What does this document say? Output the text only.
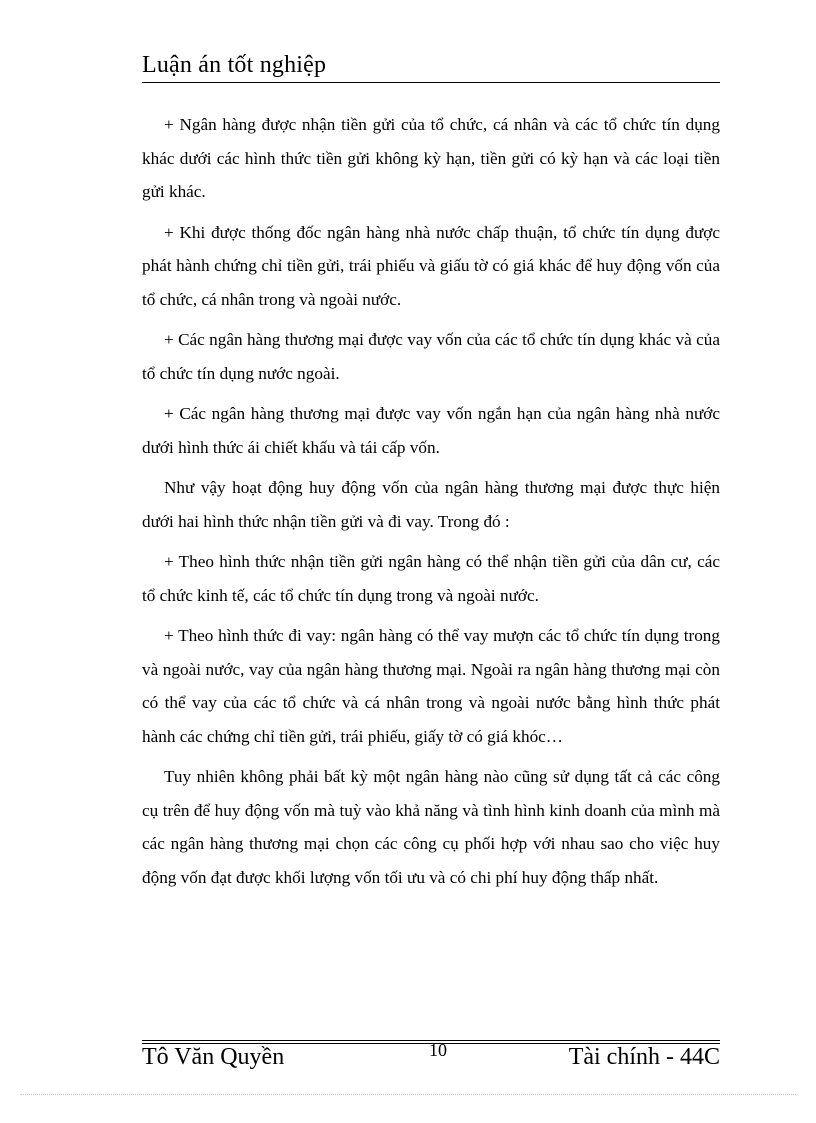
Luận án tốt nghiệp

+ Ngân hàng được nhận tiền gửi của tổ chức, cá nhân và các tổ chức tín dụng khác dưới các hình thức tiền gửi không kỳ hạn, tiền gửi có kỳ hạn và các loại tiền gửi khác.

+ Khi được thống đốc ngân hàng nhà nước chấp thuận, tổ chức tín dụng được phát hành chứng chỉ tiền gửi, trái phiếu và giấu tờ có giá khác để huy động vốn của tổ chức, cá nhân trong và ngoài nước.

+ Các ngân hàng thương mại được vay vốn của các tổ chức tín dụng khác và của tổ chức tín dụng nước ngoài.

+ Các ngân hàng thương mại được vay vốn ngắn hạn của ngân hàng nhà nước dưới hình thức ái chiết khấu và tái cấp vốn.

Như vậy hoạt động huy động vốn của ngân hàng thương mại được thực hiện dưới hai hình thức nhận tiền gửi và đi vay. Trong đó :

+ Theo hình thức nhận tiền gửi ngân hàng có thể nhận tiền gửi của dân cư, các tổ chức kinh tế, các tổ chức tín dụng trong và ngoài nước.

+ Theo hình thức đi vay: ngân hàng có thể vay mượn các tổ chức tín dụng trong và ngoài nước, vay của ngân hàng thương mại. Ngoài ra ngân hàng thương mại còn có thể vay của các tổ chức và cá nhân trong và ngoài nước bằng hình thức phát hành các chứng chỉ tiền gửi, trái phiếu, giấy tờ có giá khóc…

Tuy nhiên không phải bất kỳ một ngân hàng nào cũng sử dụng tất cả các công cụ trên để huy động vốn mà tuỳ vào khả năng và tình hình kinh doanh của mình mà các ngân hàng thương mại chọn các công cụ phối hợp với nhau sao cho việc huy động vốn đạt được khối lượng vốn tối ưu và có chi phí huy động thấp nhất.

Tô Văn Quyền	10	Tài chính - 44C
